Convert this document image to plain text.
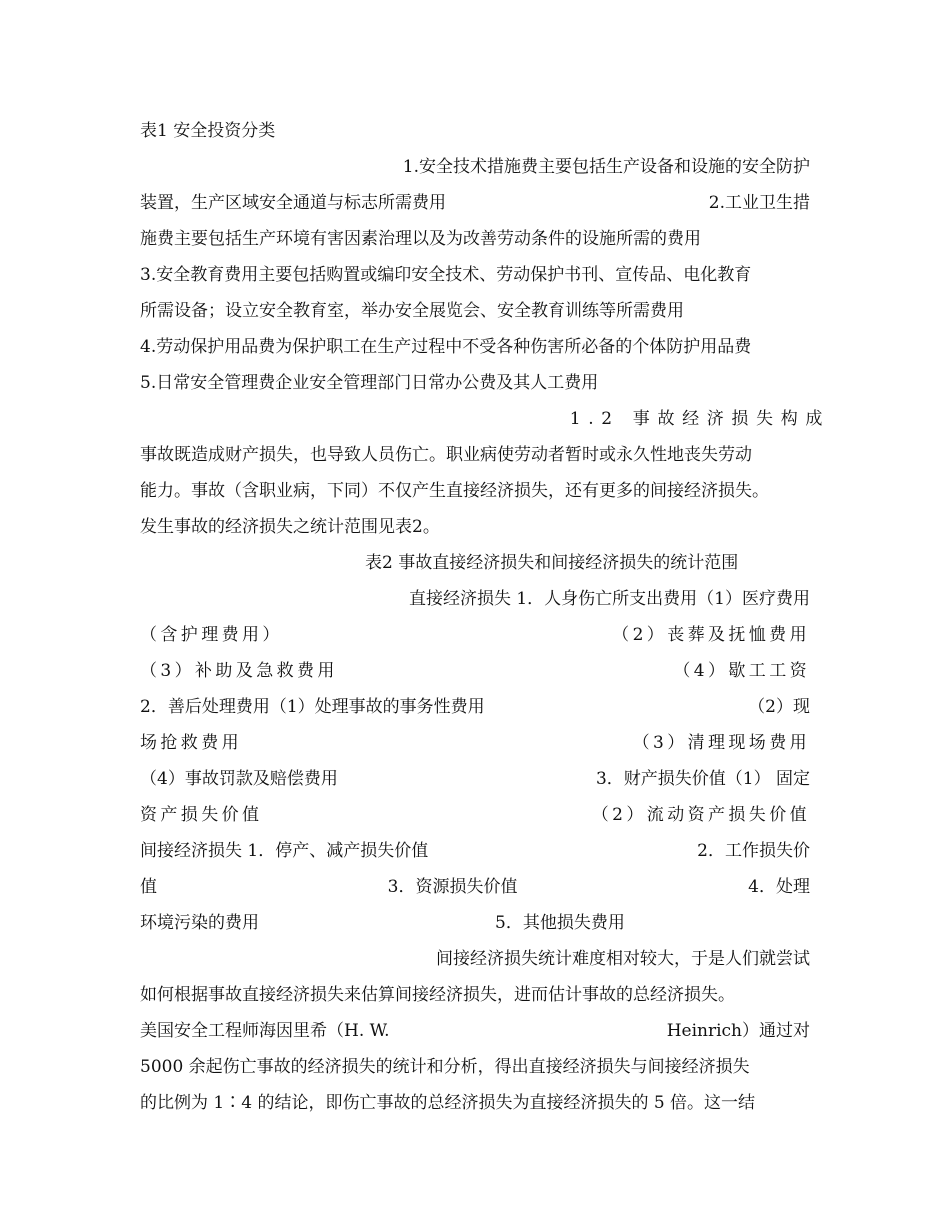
表1 安全投资分类
1.安全技术措施费主要包括生产设备和设施的安全防护
装置，生产区域安全通道与标志所需费用	2.工业卫生措
施费主要包括生产环境有害因素治理以及为改善劳动条件的设施所需的费用
3.安全教育费用主要包括购置或编印安全技术、劳动保护书刊、宣传品、电化教育
所需设备；设立安全教育室，举办安全展览会、安全教育训练等所需费用
4.劳动保护用品费为保护职工在生产过程中不受各种伤害所必备的个体防护用品费
5.日常安全管理费企业安全管理部门日常办公费及其人工费用
1.2 事故经济损失构成
事故既造成财产损失，也导致人员伤亡。职业病使劳动者暂时或永久性地丧失劳动
能力。事故（含职业病，下同）不仅产生直接经济损失，还有更多的间接经济损失。
发生事故的经济损失之统计范围见表2。
表2 事故直接经济损失和间接经济损失的统计范围
直接经济损失 1．人身伤亡所支出费用（1）医疗费用
（含护理费用）	（2）丧葬及抚恤费用
（3）补助及急救费用	（4）歇工工资
2．善后处理费用（1）处理事故的事务性费用	（2）现
场抢救费用	（3）清理现场费用
（4）事故罚款及赔偿费用	3．财产损失价值（1） 固定
资产损失价值	（2）流动资产损失价值
间接经济损失 1．停产、减产损失价值	2．工作损失价
值	3．资源损失价值	4．处理
环境污染的费用	5．其他损失费用
间接经济损失统计难度相对较大，于是人们就尝试
如何根据事故直接经济损失来估算间接经济损失，进而估计事故的总经济损失。
美国安全工程师海因里希（H. W.	Heinrich）通过对
5000 余起伤亡事故的经济损失的统计和分析，得出直接经济损失与间接经济损失
的比例为 1∶4 的结论，即伤亡事故的总经济损失为直接经济损失的 5 倍。这一结
